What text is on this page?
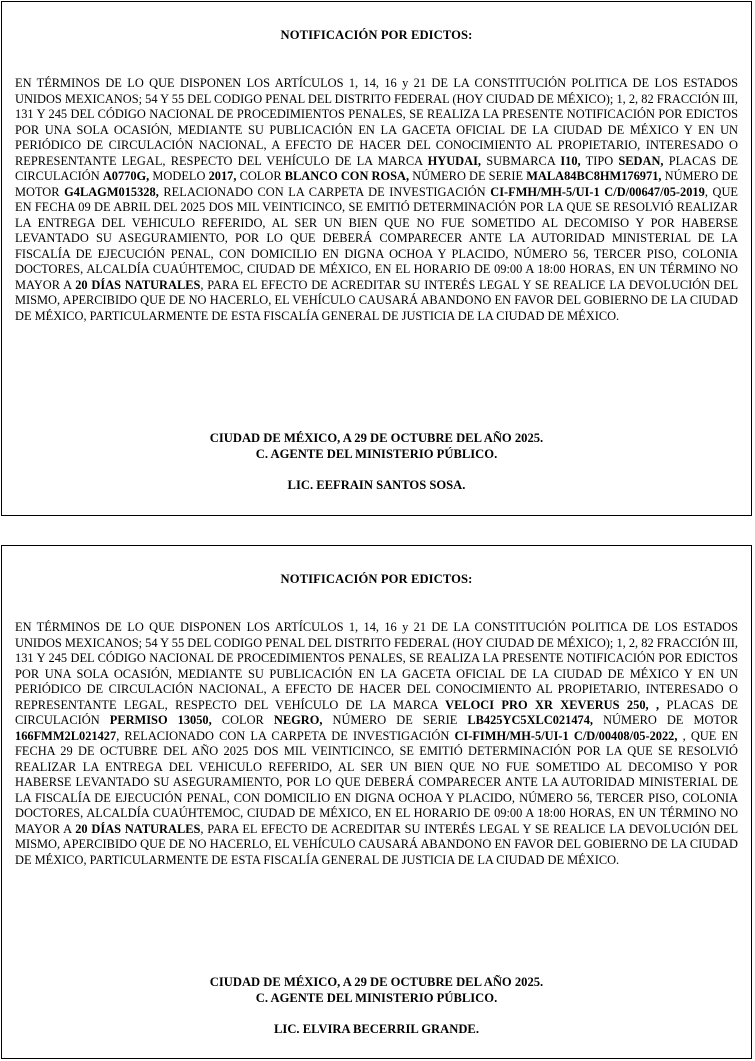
NOTIFICACIÓN POR EDICTOS:
EN TÉRMINOS DE LO QUE DISPONEN LOS ARTÍCULOS 1, 14, 16 y 21 DE LA CONSTITUCIÓN POLITICA DE LOS ESTADOS UNIDOS MEXICANOS; 54 Y 55 DEL CODIGO PENAL DEL DISTRITO FEDERAL (HOY CIUDAD DE MÉXICO); 1, 2, 82 FRACCIÓN III, 131 Y 245 DEL CÓDIGO NACIONAL DE PROCEDIMIENTOS PENALES, SE REALIZA LA PRESENTE NOTIFICACIÓN POR EDICTOS POR UNA SOLA OCASIÓN, MEDIANTE SU PUBLICACIÓN EN LA GACETA OFICIAL DE LA CIUDAD DE MÉXICO Y EN UN PERIÓDICO DE CIRCULACIÓN NACIONAL, A EFECTO DE HACER DEL CONOCIMIENTO AL PROPIETARIO, INTERESADO O REPRESENTANTE LEGAL, RESPECTO DEL VEHÍCULO DE LA MARCA HYUDAI, SUBMARCA I10, TIPO SEDAN, PLACAS DE CIRCULACIÓN A0770G, MODELO 2017, COLOR BLANCO CON ROSA, NÚMERO DE SERIE MALA84BC8HM176971, NÚMERO DE MOTOR G4LAGM015328, RELACIONADO CON LA CARPETA DE INVESTIGACIÓN CI-FMH/MH-5/UI-1 C/D/00647/05-2019, QUE EN FECHA 09 DE ABRIL DEL 2025 DOS MIL VEINTICINCO, SE EMITIÓ DETERMINACIÓN POR LA QUE SE RESOLVIÓ REALIZAR LA ENTREGA DEL VEHICULO REFERIDO, AL SER UN BIEN QUE NO FUE SOMETIDO AL DECOMISO Y POR HABERSE LEVANTADO SU ASEGURAMIENTO, POR LO QUE DEBERÁ COMPARECER ANTE LA AUTORIDAD MINISTERIAL DE LA FISCALÍA DE EJECUCIÓN PENAL, CON DOMICILIO EN DIGNA OCHOA Y PLACIDO, NÚMERO 56, TERCER PISO, COLONIA DOCTORES, ALCALDÍA CUAÚHTEMOC, CIUDAD DE MÉXICO, EN EL HORARIO DE 09:00 A 18:00 HORAS, EN UN TÉRMINO NO MAYOR A 20 DÍAS NATURALES, PARA EL EFECTO DE ACREDITAR SU INTERÉS LEGAL Y SE REALICE LA DEVOLUCIÓN DEL MISMO, APERCIBIDO QUE DE NO HACERLO, EL VEHÍCULO CAUSARÁ ABANDONO EN FAVOR DEL GOBIERNO DE LA CIUDAD DE MÉXICO, PARTICULARMENTE DE ESTA FISCALÍA GENERAL DE JUSTICIA DE LA CIUDAD DE MÉXICO.
CIUDAD DE MÉXICO, A 29 DE OCTUBRE DEL AÑO 2025.
C. AGENTE DEL MINISTERIO PÚBLICO.
LIC. EEFRAIN SANTOS SOSA.
NOTIFICACIÓN POR EDICTOS:
EN TÉRMINOS DE LO QUE DISPONEN LOS ARTÍCULOS 1, 14, 16 y 21 DE LA CONSTITUCIÓN POLITICA DE LOS ESTADOS UNIDOS MEXICANOS; 54 Y 55 DEL CODIGO PENAL DEL DISTRITO FEDERAL (HOY CIUDAD DE MÉXICO); 1, 2, 82 FRACCIÓN III, 131 Y 245 DEL CÓDIGO NACIONAL DE PROCEDIMIENTOS PENALES, SE REALIZA LA PRESENTE NOTIFICACIÓN POR EDICTOS POR UNA SOLA OCASIÓN, MEDIANTE SU PUBLICACIÓN EN LA GACETA OFICIAL DE LA CIUDAD DE MÉXICO Y EN UN PERIÓDICO DE CIRCULACIÓN NACIONAL, A EFECTO DE HACER DEL CONOCIMIENTO AL PROPIETARIO, INTERESADO O REPRESENTANTE LEGAL, RESPECTO DEL VEHÍCULO DE LA MARCA VELOCI PRO XR XEVERUS 250, , PLACAS DE CIRCULACIÓN PERMISO 13050, COLOR NEGRO, NÚMERO DE SERIE LB425YC5XLC021474, NÚMERO DE MOTOR 166FMM2L021427, RELACIONADO CON LA CARPETA DE INVESTIGACIÓN CI-FIMH/MH-5/UI-1 C/D/00408/05-2022, , QUE EN FECHA 29 DE OCTUBRE DEL AÑO 2025 DOS MIL VEINTICINCO, SE EMITIÓ DETERMINACIÓN POR LA QUE SE RESOLVIÓ REALIZAR LA ENTREGA DEL VEHICULO REFERIDO, AL SER UN BIEN QUE NO FUE SOMETIDO AL DECOMISO Y POR HABERSE LEVANTADO SU ASEGURAMIENTO, POR LO QUE DEBERÁ COMPARECER ANTE LA AUTORIDAD MINISTERIAL DE LA FISCALÍA DE EJECUCIÓN PENAL, CON DOMICILIO EN DIGNA OCHOA Y PLACIDO, NÚMERO 56, TERCER PISO, COLONIA DOCTORES, ALCALDÍA CUAÚHTEMOC, CIUDAD DE MÉXICO, EN EL HORARIO DE 09:00 A 18:00 HORAS, EN UN TÉRMINO NO MAYOR A 20 DÍAS NATURALES, PARA EL EFECTO DE ACREDITAR SU INTERÉS LEGAL Y SE REALICE LA DEVOLUCIÓN DEL MISMO, APERCIBIDO QUE DE NO HACERLO, EL VEHÍCULO CAUSARÁ ABANDONO EN FAVOR DEL GOBIERNO DE LA CIUDAD DE MÉXICO, PARTICULARMENTE DE ESTA FISCALÍA GENERAL DE JUSTICIA DE LA CIUDAD DE MÉXICO.
CIUDAD DE MÉXICO, A 29 DE OCTUBRE DEL AÑO 2025.
C. AGENTE DEL MINISTERIO PÚBLICO.
LIC. ELVIRA BECERRIL GRANDE.
